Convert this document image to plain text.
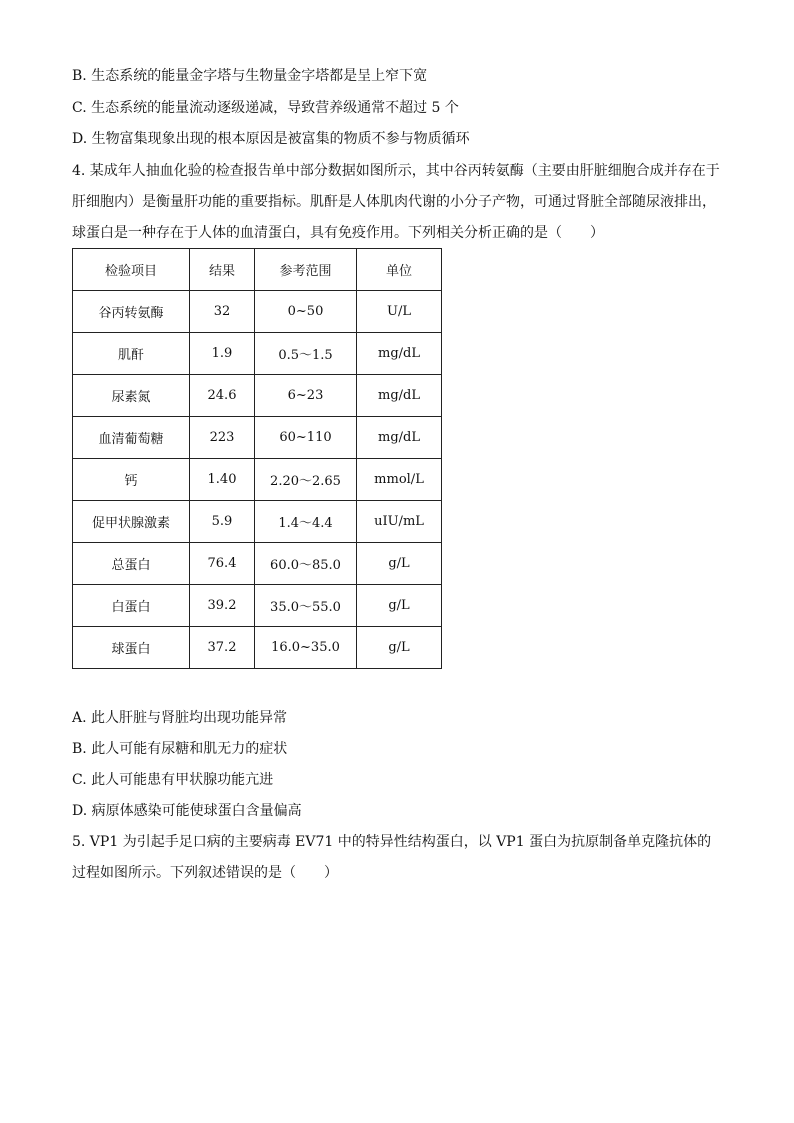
B. 生态系统的能量金字塔与生物量金字塔都是呈上窄下宽
C. 生态系统的能量流动逐级递减，导致营养级通常不超过 5 个
D. 生物富集现象出现的根本原因是被富集的物质不参与物质循环
4. 某成年人抽血化验的检查报告单中部分数据如图所示，其中谷丙转氨酶（主要由肝脏细胞合成并存在于肝细胞内）是衡量肝功能的重要指标。肌酐是人体肌肉代谢的小分子产物，可通过肾脏全部随尿液排出，球蛋白是一种存在于人体的血清蛋白，具有免疫作用。下列相关分析正确的是（　　）
检验项目	结果	参考范围	单位
谷丙转氨酶	32	0~50	U/L
肌酐	1.9	0.5～1.5	mg/dL
尿素氮	24.6	6~23	mg/dL
血清葡萄糖	223	60~110	mg/dL
钙	1.40	2.20～2.65	mmol/L
促甲状腺激素	5.9	1.4～4.4	uIU/mL
总蛋白	76.4	60.0～85.0	g/L
白蛋白	39.2	35.0～55.0	g/L
球蛋白	37.2	16.0~35.0	g/L
A. 此人肝脏与肾脏均出现功能异常
B. 此人可能有尿糖和肌无力的症状
C. 此人可能患有甲状腺功能亢进
D. 病原体感染可能使球蛋白含量偏高
5. VP1 为引起手足口病的主要病毒 EV71 中的特异性结构蛋白，以 VP1 蛋白为抗原制备单克隆抗体的过程如图所示。下列叙述错误的是（　　）
